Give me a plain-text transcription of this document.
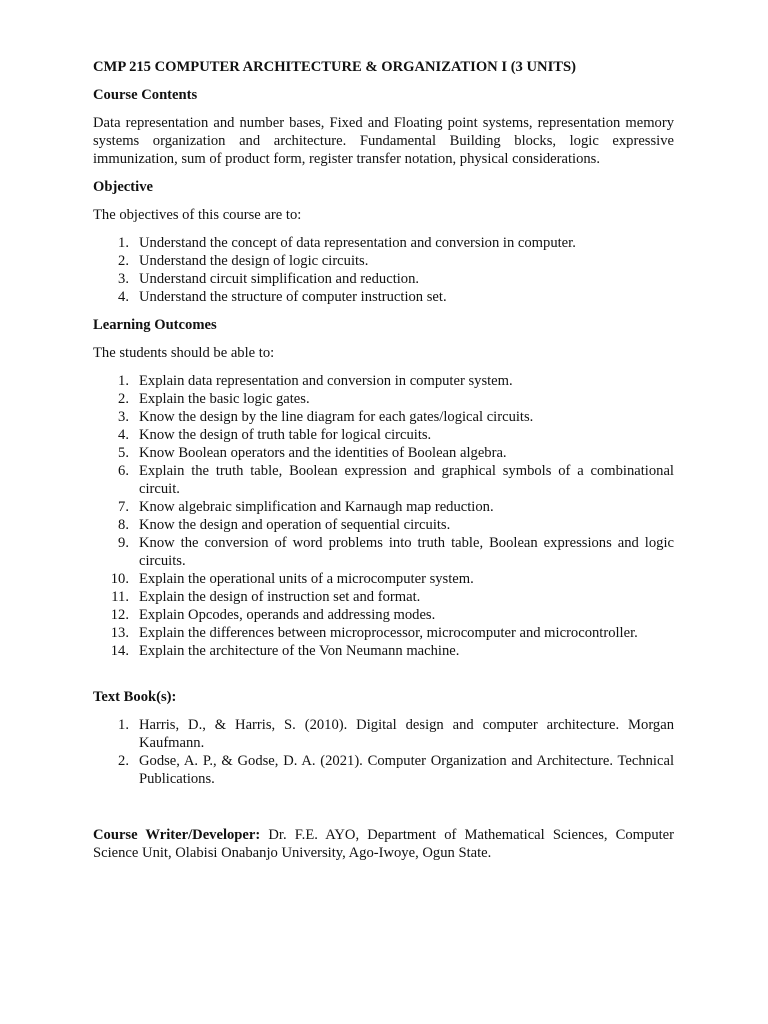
CMP 215 COMPUTER ARCHITECTURE & ORGANIZATION I (3 UNITS)

Course Contents

Data representation and number bases, Fixed and Floating point systems, representation memory systems organization and architecture. Fundamental Building blocks, logic expressive immunization, sum of product form, register transfer notation, physical considerations.

Objective

The objectives of this course are to:

1. Understand the concept of data representation and conversion in computer.
2. Understand the design of logic circuits.
3. Understand circuit simplification and reduction.
4. Understand the structure of computer instruction set.

Learning Outcomes

The students should be able to:

1. Explain data representation and conversion in computer system.
2. Explain the basic logic gates.
3. Know the design by the line diagram for each gates/logical circuits.
4. Know the design of truth table for logical circuits.
5. Know Boolean operators and the identities of Boolean algebra.
6. Explain the truth table, Boolean expression and graphical symbols of a combinational circuit.
7. Know algebraic simplification and Karnaugh map reduction.
8. Know the design and operation of sequential circuits.
9. Know the conversion of word problems into truth table, Boolean expressions and logic circuits.
10. Explain the operational units of a microcomputer system.
11. Explain the design of instruction set and format.
12. Explain Opcodes, operands and addressing modes.
13. Explain the differences between microprocessor, microcomputer and microcontroller.
14. Explain the architecture of the Von Neumann machine.

Text Book(s):

1. Harris, D., & Harris, S. (2010). Digital design and computer architecture. Morgan Kaufmann.
2. Godse, A. P., & Godse, D. A. (2021). Computer Organization and Architecture. Technical Publications.

Course Writer/Developer: Dr. F.E. AYO, Department of Mathematical Sciences, Computer Science Unit, Olabisi Onabanjo University, Ago-Iwoye, Ogun State.
